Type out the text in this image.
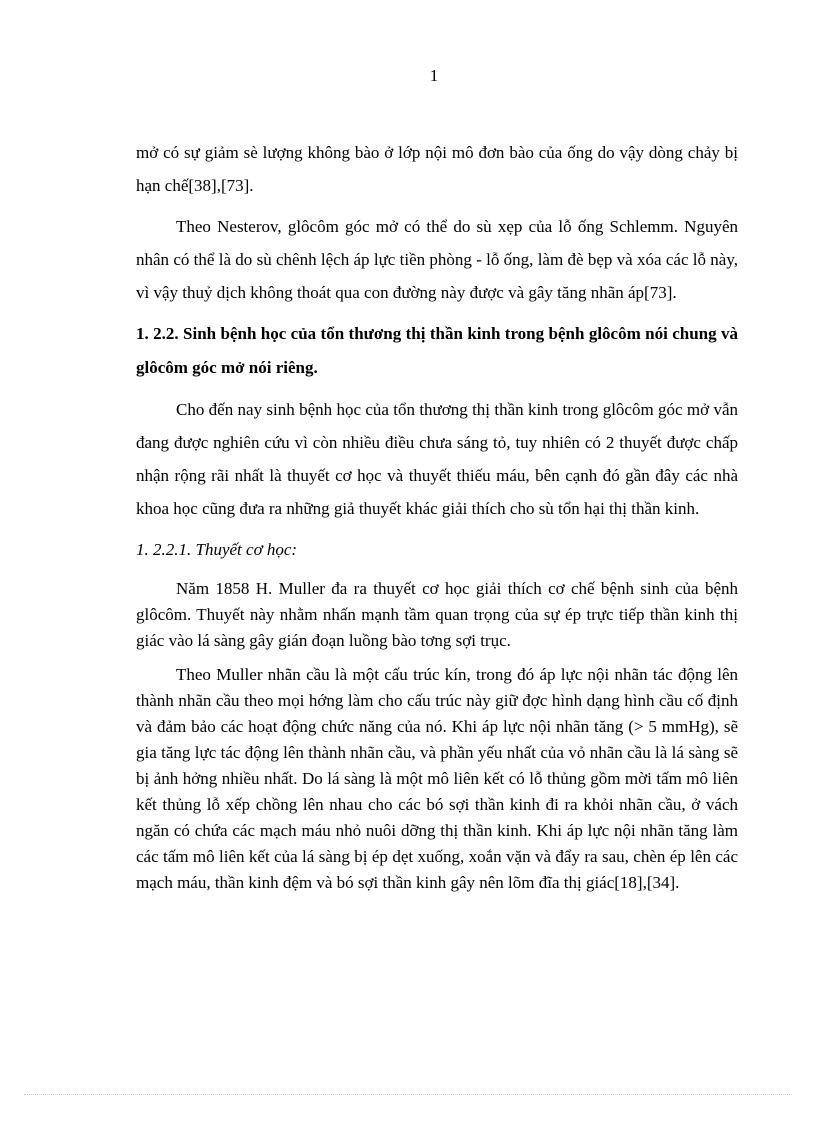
1

mở có sự giảm sè lượng không bào ở lớp nội mô đơn bào của ống do vậy dòng chảy bị hạn chế[38],[73].

Theo Nesterov, glôcôm góc mở có thể do sù xẹp của lỗ ống Schlemm. Nguyên nhân có thể là do sù chênh lệch áp lực tiền phòng - lỗ ống, làm đè bẹp và xóa các lỗ này, vì vậy thuỷ dịch không thoát qua con đường này được và gây tăng nhãn áp[73].

1. 2.2. Sinh bệnh học của tổn thương thị thần kinh trong bệnh glôcôm nói chung và glôcôm góc mở nói riêng.

Cho đến nay sinh bệnh học của tổn thương thị thần kinh trong glôcôm góc mở vẫn đang được nghiên cứu vì còn nhiều điều chưa sáng tỏ, tuy nhiên có 2 thuyết được chấp nhận rộng rãi nhất là thuyết cơ học và thuyết thiếu máu, bên cạnh đó gần đây các nhà khoa học cũng đưa ra những giả thuyết khác giải thích cho sù tổn hại thị thần kinh.

1. 2.2.1. Thuyết cơ học:

Năm 1858 H. Muller đa ra thuyết cơ học giải thích cơ chế bệnh sinh của bệnh glôcôm. Thuyết này nhằm nhấn mạnh tầm quan trọng của sự ép trực tiếp thần kinh thị giác vào lá sàng gây gián đoạn luồng bào tơng sợi trục.

Theo Muller nhãn cầu là một cấu trúc kín, trong đó áp lực nội nhãn tác động lên thành nhãn cầu theo mọi hớng làm cho cấu trúc này giữ đợc hình dạng hình cầu cố định và đảm bảo các hoạt động chức năng của nó. Khi áp lực nội nhãn tăng (> 5 mmHg), sẽ gia tăng lực tác động lên thành nhãn cầu, và phần yếu nhất của vỏ nhãn cầu là lá sàng sẽ bị ảnh hởng nhiều nhất. Do lá sàng là một mô liên kết có lỗ thủng gồm mời tấm mô liên kết thủng lỗ xếp chồng lên nhau cho các bó sợi thần kinh đi ra khỏi nhãn cầu, ở vách ngăn có chứa các mạch máu nhỏ nuôi dỡng thị thần kinh. Khi áp lực nội nhãn tăng làm các tấm mô liên kết của lá sàng bị ép dẹt xuống, xoắn vặn và đẩy ra sau, chèn ép lên các mạch máu, thần kinh đệm và bó sợi thần kinh gây nên lõm đĩa thị giác[18],[34].
